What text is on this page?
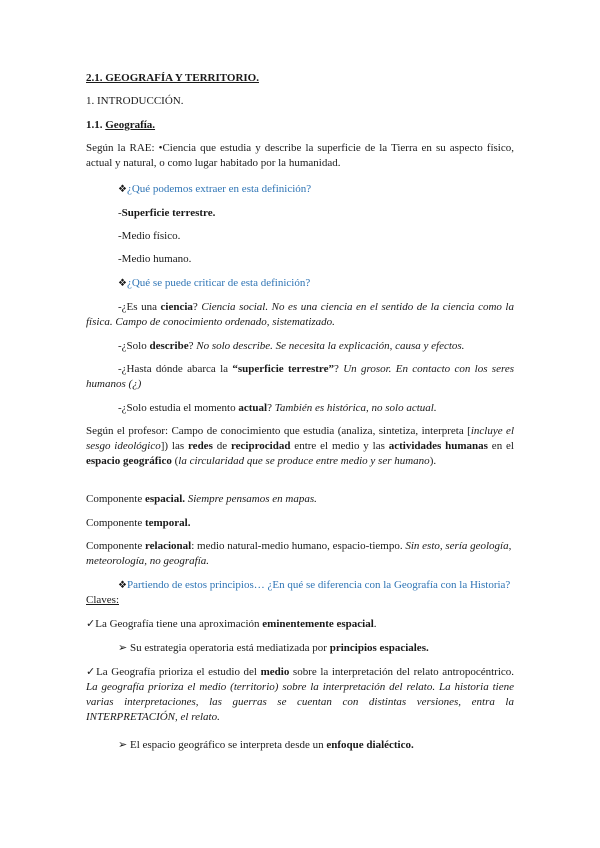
2.1. GEOGRAFÍA Y TERRITORIO.

1. INTRODUCCIÓN.

1.1. Geografía.

Según la RAE: •Ciencia que estudia y describe la superficie de la Tierra en su aspecto físico, actual y natural, o como lugar habitado por la humanidad.

❖¿Qué podemos extraer en esta definición?

-Superficie terrestre.

-Medio físico.

-Medio humano.

❖¿Qué se puede criticar de esta definición?

-¿Es una ciencia? Ciencia social. No es una ciencia en el sentido de la ciencia como la física. Campo de conocimiento ordenado, sistematizado.

-¿Solo describe? No solo describe. Se necesita la explicación, causa y efectos.

-¿Hasta dónde abarca la “superficie terrestre”? Un grosor. En contacto con los seres humanos (¿)

-¿Solo estudia el momento actual? También es histórica, no solo actual.

Según el profesor: Campo de conocimiento que estudia (analiza, sintetiza, interpreta [incluye el sesgo ideológico]) las redes de reciprocidad entre el medio y las actividades humanas en el espacio geográfico (la circularidad que se produce entre medio y ser humano).

Componente espacial. Siempre pensamos en mapas.

Componente temporal.

Componente relacional: medio natural-medio humano, espacio-tiempo. Sin esto, sería geología, meteorología, no geografía.

❖Partiendo de estos principios… ¿En qué se diferencia con la Geografía con la Historia? Claves:

✓La Geografía tiene una aproximación eminentemente espacial.

➢ Su estrategia operatoria está mediatizada por principios espaciales.

✓La Geografía prioriza el estudio del medio sobre la interpretación del relato antropocéntrico. La geografía prioriza el medio (territorio) sobre la interpretación del relato. La historia tiene varias interpretaciones, las guerras se cuentan con distintas versiones, entra la INTERPRETACIÓN, el relato.

➢ El espacio geográfico se interpreta desde un enfoque dialéctico.
